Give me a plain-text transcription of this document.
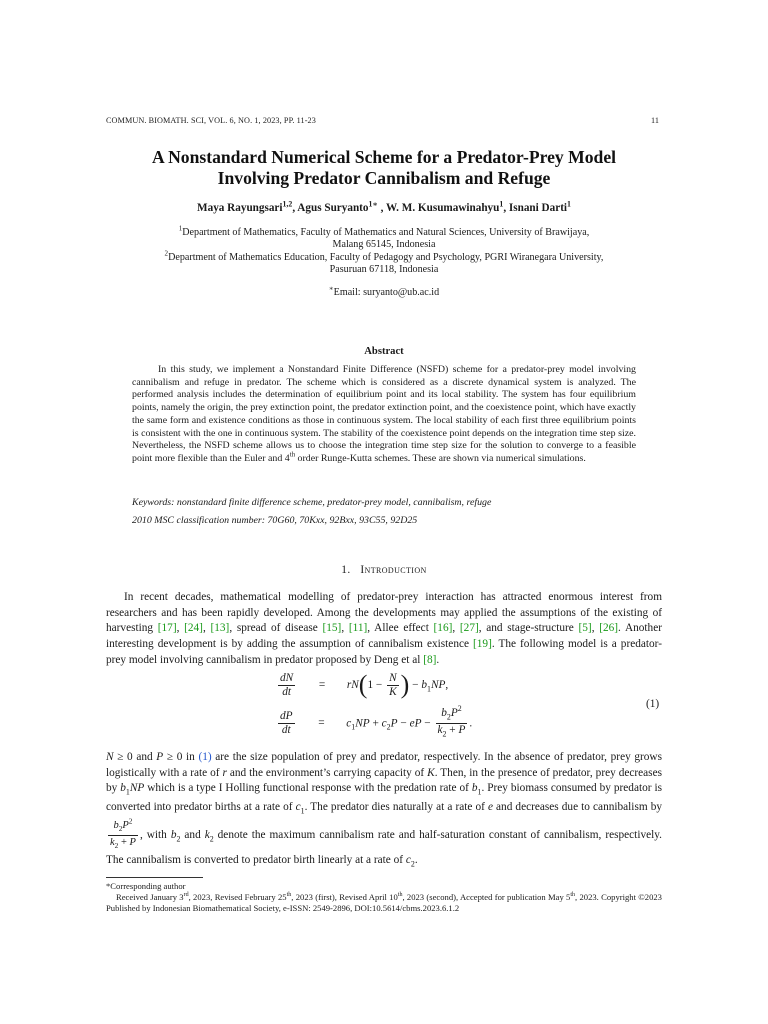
COMMUN. BIOMATH. SCI, VOL. 6, NO. 1, 2023, PP. 11-23	11
A Nonstandard Numerical Scheme for a Predator-Prey Model
Involving Predator Cannibalism and Refuge
Maya Rayungsari$^{1,2}$, Agus Suryanto$^{1∗}$ , W. M. Kusumawinahyu$^1$, Isnani Darti$^1$
$^1$Department of Mathematics, Faculty of Mathematics and Natural Sciences, University of Brawijaya,
Malang 65145, Indonesia
$^2$Department of Mathematics Education, Faculty of Pedagogy and Psychology, PGRI Wiranegara University,
Pasuruan 67118, Indonesia
∗Email: suryanto@ub.ac.id
Abstract

In this study, we implement a Nonstandard Finite Difference (NSFD) scheme for a predator-prey model involving cannibalism and refuge in predator. The scheme which is considered as a discrete dynamical system is analyzed. The performed analysis includes the determination of equilibrium point and its local stability. The system has four equilibrium points, namely the origin, the prey extinction point, the predator extinction point, and the coexistence point, which have exactly the same form and existence conditions as those in continuous system. The local stability of each first three equilibrium points is consistent with the one in continuous system. The stability of the coexistence point depends on the integration time step size. Nevertheless, the NSFD scheme allows us to choose the integration time step size for the solution to converge to a feasible point more flexible than the Euler and 4th order Runge-Kutta schemes. These are shown via numerical simulations.

Keywords: nonstandard finite difference scheme, predator-prey model, cannibalism, refuge
2010 MSC classification number: 70G60, 70Kxx, 92Bxx, 93C55, 92D25
1. Introduction

In recent decades, mathematical modelling of predator-prey interaction has attracted enormous interest from researchers and has been rapidly developed. Among the developments may applied the assumptions of the existing of harvesting [17], [24], [13], spread of disease [15], [11], Allee effect [16], [27], and stage-structure [5], [26]. Another interesting development is by adding the assumption of cannibalism existence [19]. The following model is a predator-prey model involving cannibalism in predator proposed by Deng et al [8].

$\frac{dN}{dt} = rN(1 - \frac{N}{K}$ ) − $b_1NP$,
$\frac{dP}{dt} = c_1NP + c_2P$ − eP − $\frac{b_2P^2}{k_2 + P}$ .
(1)

N ≥ 0 and P ≥ 0 in (1) are the size population of prey and predator, respectively. In the absence of predator, prey grows logistically with a rate of r and the environment’s carrying capacity of K. Then, in the presence of predator, prey decreases by $b_1NP$ which is a type I Holling functional response with the predation rate of $b_1$. Prey biomass consumed by predator is converted into predator births at a rate of $c_1$. The predator dies naturally at a rate of e and decreases due to cannibalism by
$\frac{b_2P^2}{k_2 + P}$ , with $b_2$ and $k_2$ denote the maximum cannibalism rate and half-saturation constant of cannibalism, respectively. The cannibalism is converted to predator birth linearly at a rate of $c_2$.

*Corresponding author

Received January 3rd, 2023, Revised February 25th, 2023 (first), Revised April 10th, 2023 (second), Accepted for publication May 5th, 2023. Copyright ©2023 Published by Indonesian Biomathematical Society, e-ISSN: 2549-2896, DOI:10.5614/cbms.2023.6.1.2
